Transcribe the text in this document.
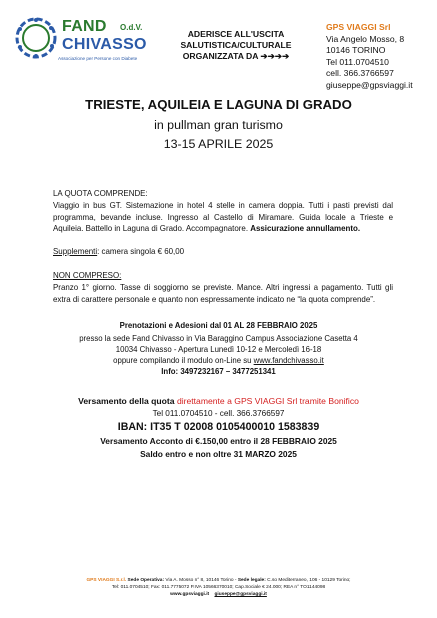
FAND O.d.V.
CHIVASSO
Associazione per Persone con Diabete
ADERISCE ALL'USCITA
SALUTISTICA/CULTURALE
ORGANIZZATA DA ➔➔➔➔
GPS VIAGGI Srl
Via Angelo Mosso, 8
10146 TORINO
Tel 011.0704510
cell. 366.3766597
giuseppe@gpsviaggi.it
TRIESTE, AQUILEIA E LAGUNA DI GRADO
in pullman gran turismo
13-15 APRILE 2025
LA QUOTA COMPRENDE:
Viaggio in bus GT. Sistemazione in hotel 4 stelle in camera doppia. Tutti i pasti previsti dal programma, bevande incluse. Ingresso al Castello di Miramare. Guida locale a Trieste e Aquileia. Battello in Laguna di Grado. Accompagnatore. Assicurazione annullamento.
Supplementi: camera singola € 60,00
NON COMPRESO:
Pranzo 1° giorno. Tasse di soggiorno se previste. Mance. Altri ingressi a pagamento. Tutti gli extra di carattere personale e quanto non espressamente indicato ne “la quota comprende”.
Prenotazioni e Adesioni dal 01 AL 28 FEBBRAIO 2025
presso la sede Fand Chivasso in Via Baraggino Campus Associazione Casetta 4
10034 Chivasso - Apertura Lunedì 10-12 e Mercoledì 16-18
oppure compilando il modulo on-Line su www.fandchivasso.it
Info: 3497232167 – 3477251341
Versamento della quota direttamente a GPS VIAGGI Srl tramite Bonifico
Tel 011.0704510 - cell. 366.3766597
IBAN: IT35 T 02008 0105400010 1583839
Versamento Acconto di €.150,00 entro il 28 FEBBRAIO 2025
Saldo entro e non oltre 31 MARZO 2025
GPS VIAGGI S.r.l. Sede Operativa: Via A. Mosso n° 8, 10146 Torino - Sede legale: C.so Mediterraneo, 106 - 10129 Torino;
Tel: 011.0704510; Fax: 011.7775072 P.IVA 10566370010; Cap.Sociale € 24.000; REA n° TO1144098
www.gpsviaggi.it giuseppe@gpsviaggi.it
